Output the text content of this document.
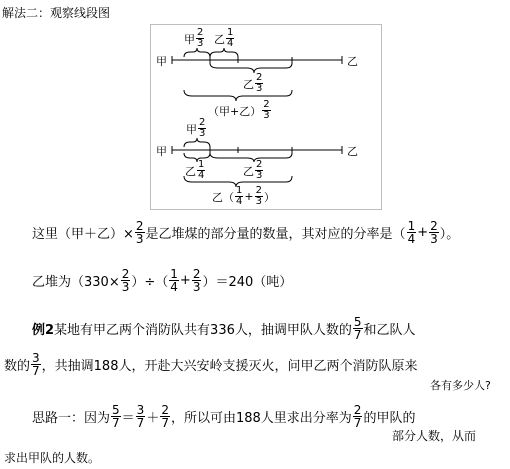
解法二：观察线段图
甲	乙
甲 $\frac{2}{3}$ 乙 $\frac{1}{4}$
乙 $\frac{2}{3}$
（甲+乙） $\frac{2}{3}$
甲	乙
甲 $\frac{2}{3}$
乙 $\frac{1}{4}$	乙 $\frac{2}{3}$
乙（ $\frac{1}{4} + \frac{2}{3}$ ）
这里（甲＋乙）× $\frac{2}{3}$ 是乙堆煤的部分量的数量，其对应的分率是（ $\frac{1}{4} + \frac{2}{3}$ ）。
乙堆为（$330\times \frac{2}{3}$ ）÷（ $\frac{1}{4} + \frac{2}{3} )=240$（吨）
例2 某地有甲乙两个消防队共有336人，抽调甲队人数的 $\frac{5}{7}$ 和乙队人
数的 $\frac{3}{7}$ ，共抽调188人，开赴大兴安岭支援灭火，问甲乙两个消防队原来
各有多少人?
思路一：因为 $\frac{5}{7} = \frac{3}{7} + \frac{2}{7}$ ，所以可由188人里求出分率为 $\frac{2}{7}$ 的甲队的
部分人数，从而
求出甲队的人数。
